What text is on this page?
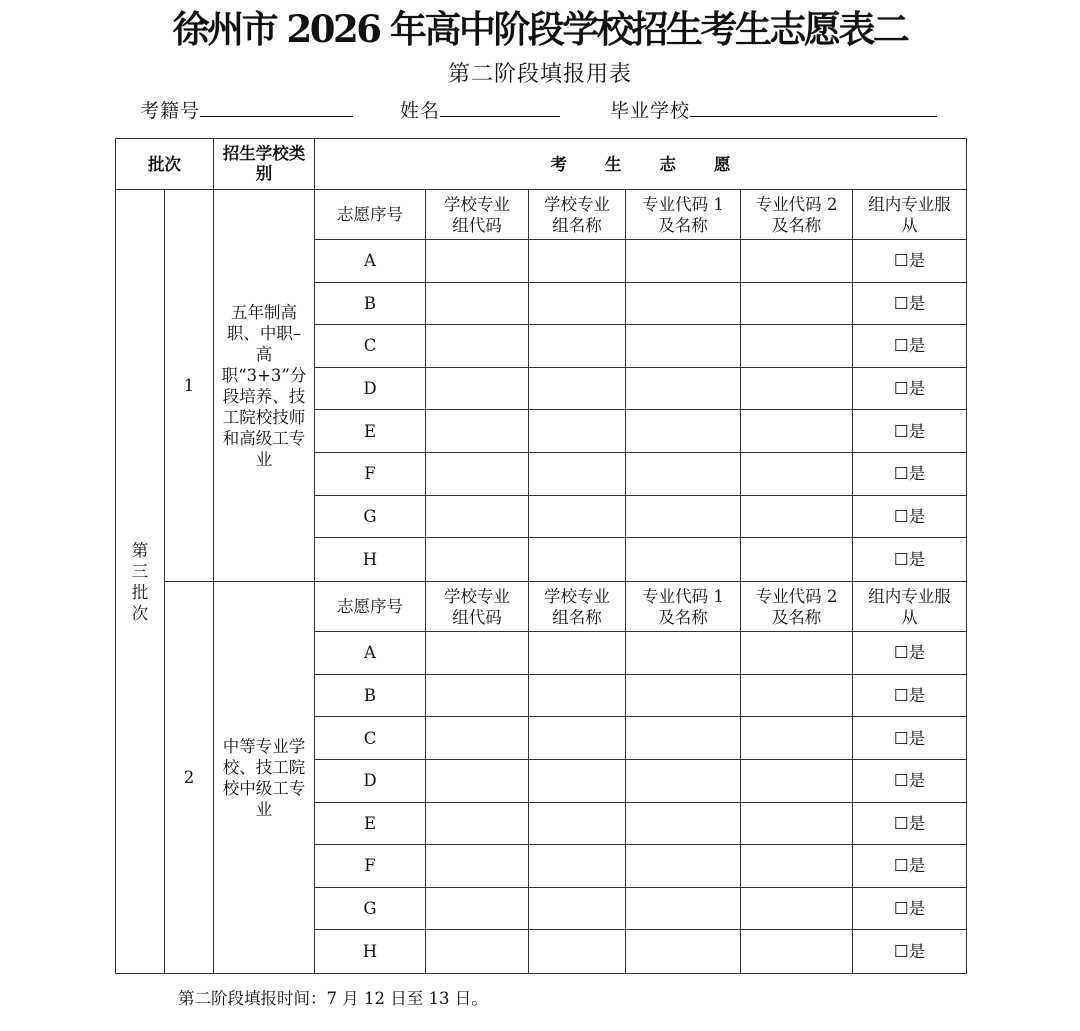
徐州市 2026 年高中阶段学校招生考生志愿表二
第二阶段填报用表
考籍号	姓名	毕业学校
批次		招生学校类别	考 生 志 愿					
第三批次	1	五年制高职、中职–高职“3+3”分段培养、技工院校技师和高级工专业	志愿序号	学校专业组代码	学校专业组名称	专业代码 1 及名称	专业代码 2 及名称	组内专业服从
			A					☐是
			B					☐是
			C					☐是
			D					☐是
			E					☐是
			F					☐是
			G					☐是
			H					☐是
	2	中等专业学校、技工院校中级工专业	志愿序号	学校专业组代码	学校专业组名称	专业代码 1 及名称	专业代码 2 及名称	组内专业服从
			A					☐是
			B					☐是
			C					☐是
			D					☐是
			E					☐是
			F					☐是
			G					☐是
			H					☐是
第二阶段填报时间：7 月 12 日至 13 日。
